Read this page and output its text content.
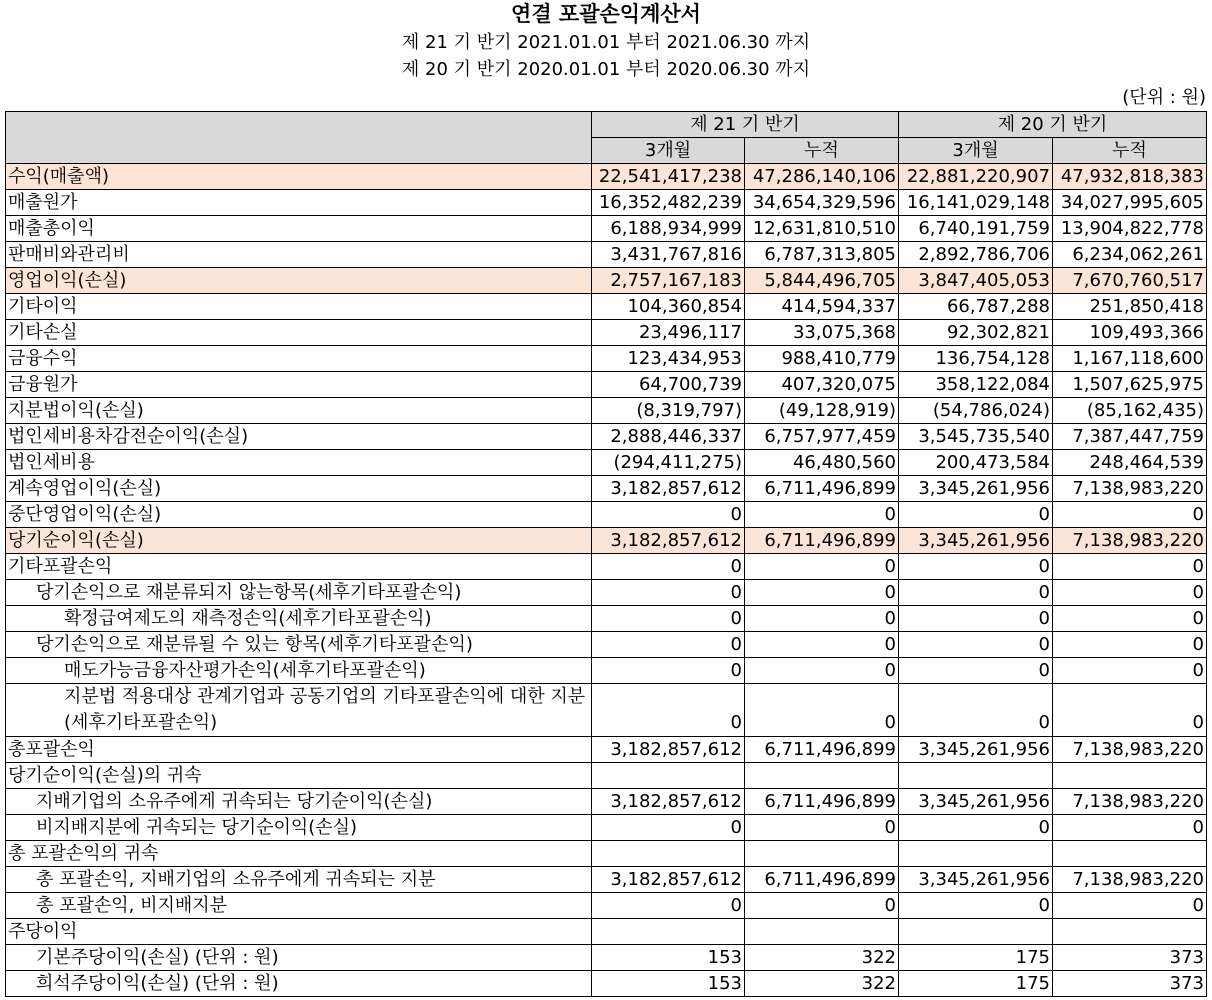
연결 포괄손익계산서
제 21 기 반기 2021.01.01 부터 2021.06.30 까지
제 20 기 반기 2020.01.01 부터 2020.06.30 까지
(단위 : 원)
	제 21 기 반기		제 20 기 반기	
	3개월	누적	3개월	누적
수익(매출액)	22,541,417,238	47,286,140,106	22,881,220,907	47,932,818,383
매출원가	16,352,482,239	34,654,329,596	16,141,029,148	34,027,995,605
매출총이익	6,188,934,999	12,631,810,510	6,740,191,759	13,904,822,778
판매비와관리비	3,431,767,816	6,787,313,805	2,892,786,706	6,234,062,261
영업이익(손실)	2,757,167,183	5,844,496,705	3,847,405,053	7,670,760,517
기타이익	104,360,854	414,594,337	66,787,288	251,850,418
기타손실	23,496,117	33,075,368	92,302,821	109,493,366
금융수익	123,434,953	988,410,779	136,754,128	1,167,118,600
금융원가	64,700,739	407,320,075	358,122,084	1,507,625,975
지분법이익(손실)	(8,319,797)	(49,128,919)	(54,786,024)	(85,162,435)
법인세비용차감전순이익(손실)	2,888,446,337	6,757,977,459	3,545,735,540	7,387,447,759
법인세비용	(294,411,275)	46,480,560	200,473,584	248,464,539
계속영업이익(손실)	3,182,857,612	6,711,496,899	3,345,261,956	7,138,983,220
중단영업이익(손실)	0	0	0	0
당기순이익(손실)	3,182,857,612	6,711,496,899	3,345,261,956	7,138,983,220
기타포괄손익	0	0	0	0
당기손익으로 재분류되지 않는항목(세후기타포괄손익)	0	0	0	0
확정급여제도의 재측정손익(세후기타포괄손익)	0	0	0	0
당기손익으로 재분류될 수 있는 항목(세후기타포괄손익)	0	0	0	0
매도가능금융자산평가손익(세후기타포괄손익)	0	0	0	0
지분법 적용대상 관계기업과 공동기업의 기타포괄손익에 대한 지분(세후기타포괄손익)	0	0	0	0
총포괄손익	3,182,857,612	6,711,496,899	3,345,261,956	7,138,983,220
당기순이익(손실)의 귀속				
지배기업의 소유주에게 귀속되는 당기순이익(손실)	3,182,857,612	6,711,496,899	3,345,261,956	7,138,983,220
비지배지분에 귀속되는 당기순이익(손실)	0	0	0	0
총 포괄손익의 귀속				
총 포괄손익, 지배기업의 소유주에게 귀속되는 지분	3,182,857,612	6,711,496,899	3,345,261,956	7,138,983,220
총 포괄손익, 비지배지분	0	0	0	0
주당이익				
기본주당이익(손실) (단위 : 원)	153	322	175	373
희석주당이익(손실) (단위 : 원)	153	322	175	373
